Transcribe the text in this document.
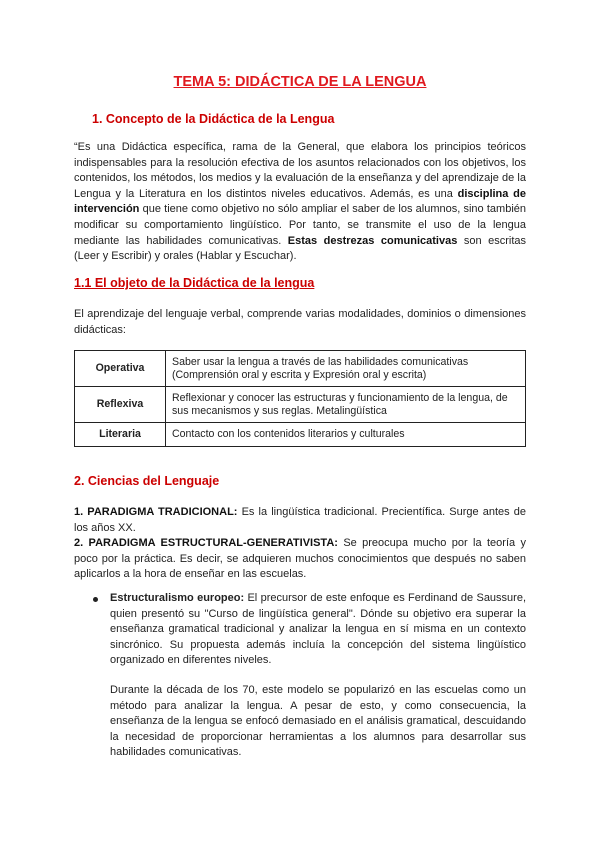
TEMA 5: DIDÁCTICA DE LA LENGUA
1. Concepto de la Didáctica de la Lengua
“Es una Didáctica específica, rama de la General, que elabora los principios teóricos indispensables para la resolución efectiva de los asuntos relacionados con los objetivos, los contenidos, los métodos, los medios y la evaluación de la enseñanza y del aprendizaje de la Lengua y la Literatura en los distintos niveles educativos. Además, es una disciplina de intervención que tiene como objetivo no sólo ampliar el saber de los alumnos, sino también modificar su comportamiento lingüístico. Por tanto, se transmite el uso de la lengua mediante las habilidades comunicativas. Estas destrezas comunicativas son escritas (Leer y Escribir) y orales (Hablar y Escuchar).
1.1 El objeto de la Didáctica de la lengua
El aprendizaje del lenguaje verbal, comprende varias modalidades, dominios o dimensiones didácticas:
Operativa	Saber usar la lengua a través de las habilidades comunicativas (Comprensión oral y escrita y Expresión oral y escrita)
Reflexiva	Reflexionar y conocer las estructuras y funcionamiento de la lengua, de sus mecanismos y sus reglas. Metalingüística
Literaria	Contacto con los contenidos literarios y culturales
2. Ciencias del Lenguaje
1. PARADIGMA TRADICIONAL: Es la lingüística tradicional. Precientífica. Surge antes de los años XX.
2. PARADIGMA ESTRUCTURAL-GENERATIVISTA: Se preocupa mucho por la teoría y poco por la práctica. Es decir, se adquieren muchos conocimientos que después no saben aplicarlos a la hora de enseñar en las escuelas.
Estructuralismo europeo: El precursor de este enfoque es Ferdinand de Saussure, quien presentó su "Curso de lingüística general". Dónde su objetivo era superar la enseñanza gramatical tradicional y analizar la lengua en sí misma en un contexto sincrónico. Su propuesta además incluía la concepción del sistema lingüístico organizado en diferentes niveles.
Durante la década de los 70, este modelo se popularizó en las escuelas como un método para analizar la lengua. A pesar de esto, y como consecuencia, la enseñanza de la lengua se enfocó demasiado en el análisis gramatical, descuidando la necesidad de proporcionar herramientas a los alumnos para desarrollar sus habilidades comunicativas.
